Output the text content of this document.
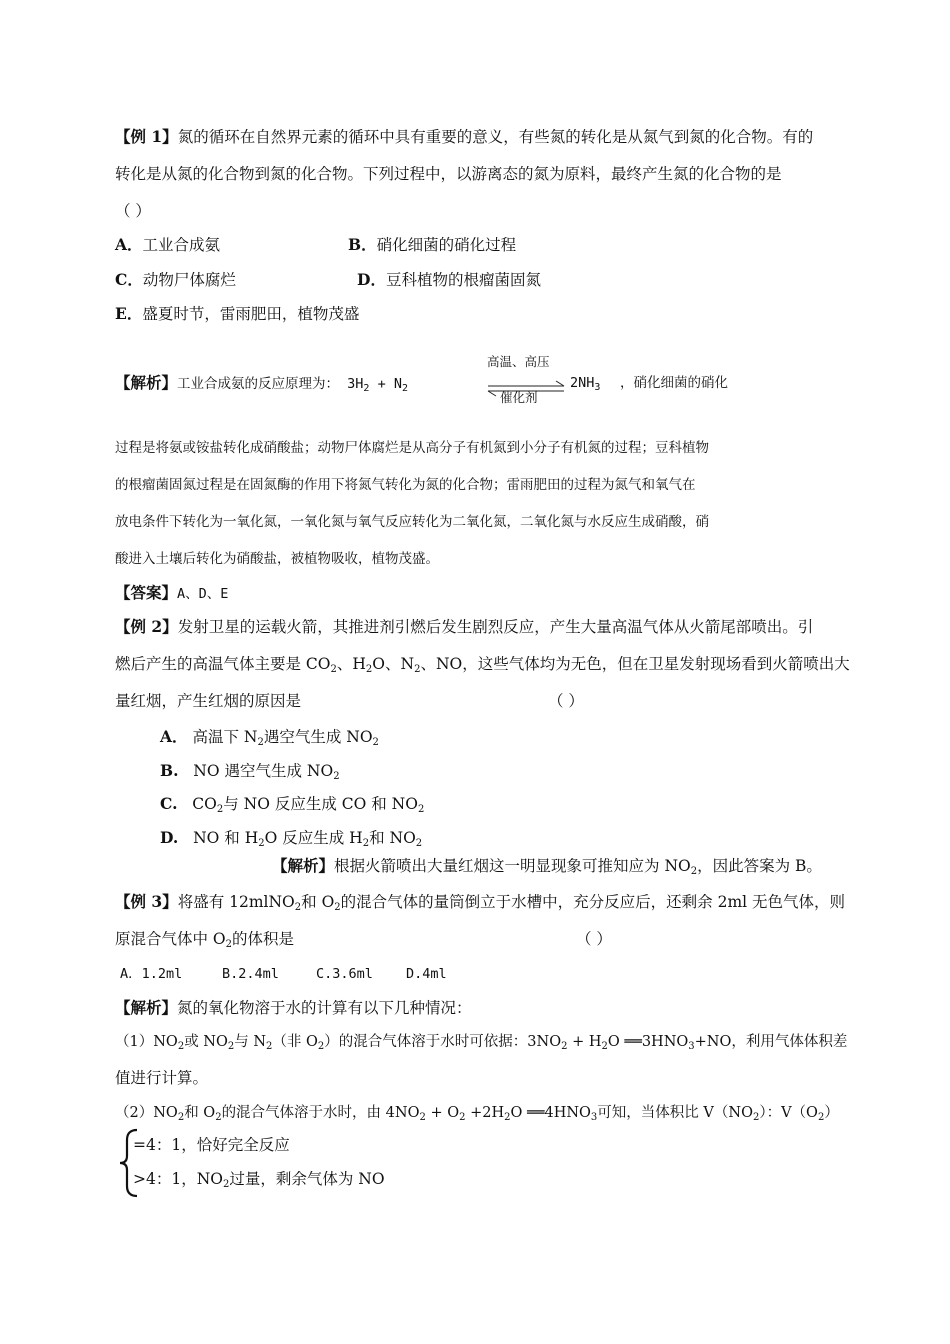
【例 1】氮的循环在自然界元素的循环中具有重要的意义，有些氮的转化是从氮气到氮的化合物。有的
转化是从氮的化合物到氮的化合物。下列过程中，以游离态的氮为原料，最终产生氮的化合物的是
（ ）
A．工业合成氨	B．硝化细菌的硝化过程
C．动物尸体腐烂	D．豆科植物的根瘤菌固氮
E．盛夏时节，雷雨肥田，植物茂盛
【解析】工业合成氨的反应原理为： $3H_2 + N_2$
高温、高压
催化剂
$2NH_3$ ，硝化细菌的硝化
过程是将氨或铵盐转化成硝酸盐；动物尸体腐烂是从高分子有机氮到小分子有机氮的过程；豆科植物
的根瘤菌固氮过程是在固氮酶的作用下将氮气转化为氮的化合物；雷雨肥田的过程为氮气和氧气在
放电条件下转化为一氧化氮，一氧化氮与氧气反应转化为二氧化氮，二氧化氮与水反应生成硝酸，硝
酸进入土壤后转化为硝酸盐，被植物吸收，植物茂盛。
【答案】A、D、E
【例 2】发射卫星的运载火箭，其推进剂引燃后发生剧烈反应，产生大量高温气体从火箭尾部喷出。引
燃后产生的高温气体主要是 $CO_2$、$H_2O$、$N_2$、NO，这些气体均为无色，但在卫星发射现场看到火箭喷出大
量红烟，产生红烟的原因是	（ ）
A． 高温下 $N_2$遇空气生成 $NO_2$
B. NO 遇空气生成 $NO_2$
C. $CO_2$与 NO 反应生成 CO 和 $NO_2$
D. NO 和 $H_2O$ 反应生成 $H_2$和 $NO_2$
【解析】根据火箭喷出大量红烟这一明显现象可推知应为 $NO_2$，因此答案为 B。
【例 3】将盛有 12mlNO$_2$和 $O_2$的混合气体的量筒倒立于水槽中，充分反应后，还剩余 2ml 无色气体，则
原混合气体中 $O_2$的体积是	（ ）
A．1.2ml	B.2.4ml	C.3.6ml D.4ml
【解析】氮的氧化物溶于水的计算有以下几种情况：
$(1)NO_2$或 $NO_2$与 $N_2$（非 $O_2$）的混合气体溶于水时可依据：$3NO_2 + H_2O$ $══3HNO_3+NO$，利用气体体积差
值进行计算。
$(2)NO_2$和 $O_2$的混合气体溶于水时，由 $4NO_2 + O_2 +2H_2O$ $══4HNO_3$可知，当体积比 $V(NO_2)$：$V(O_2)$
=4：1，恰好完全反应
>4：1，$NO_2$过量，剩余气体为 NO
